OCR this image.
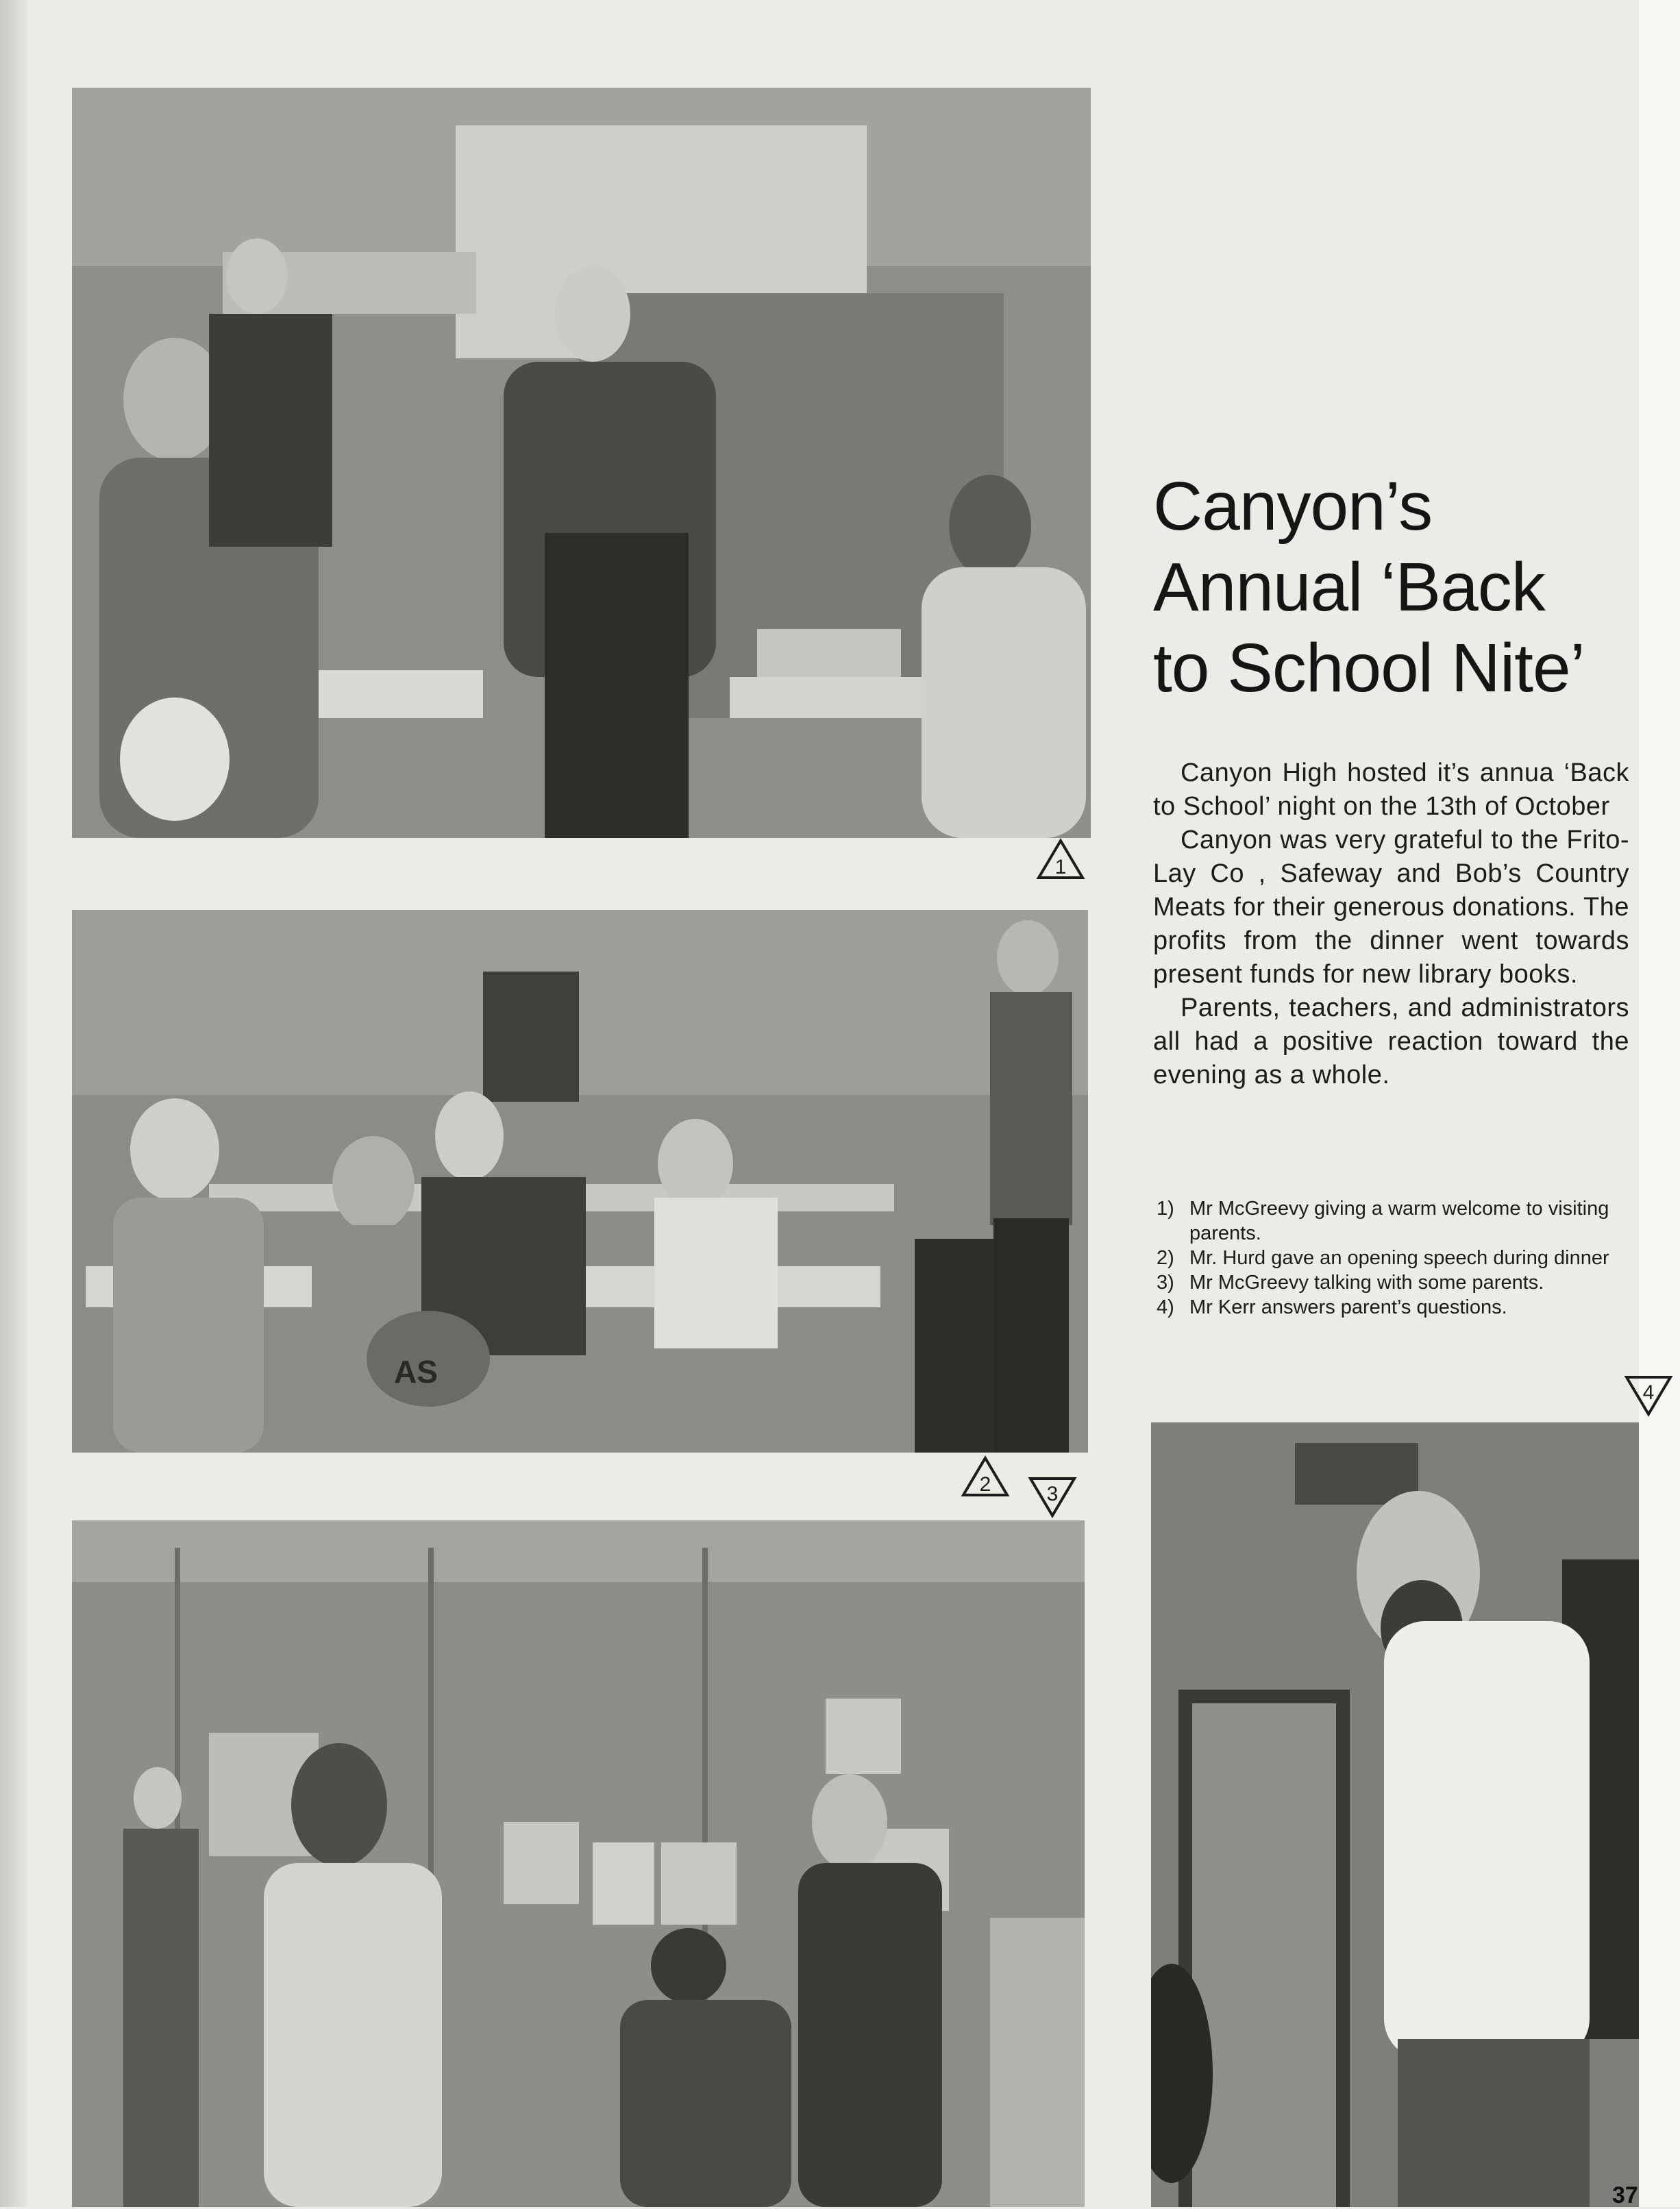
1
AS
2	3
4
Canyon’s
Annual ‘Back
to School Nite’

Canyon High hosted it’s annua ‘Back to School’ night on the 13th of October

Canyon was very grateful to the Frito-Lay Co , Safeway and Bob’s Country Meats for their generous donations. The profits from the dinner went towards present funds for new library books.

Parents, teachers, and administrators all had a positive reaction toward the evening as a whole.

1) Mr McGreevy giving a warm welcome to visiting parents.
2) Mr. Hurd gave an opening speech during dinner
3) Mr McGreevy talking with some parents.
4) Mr Kerr answers parent’s questions.
37
